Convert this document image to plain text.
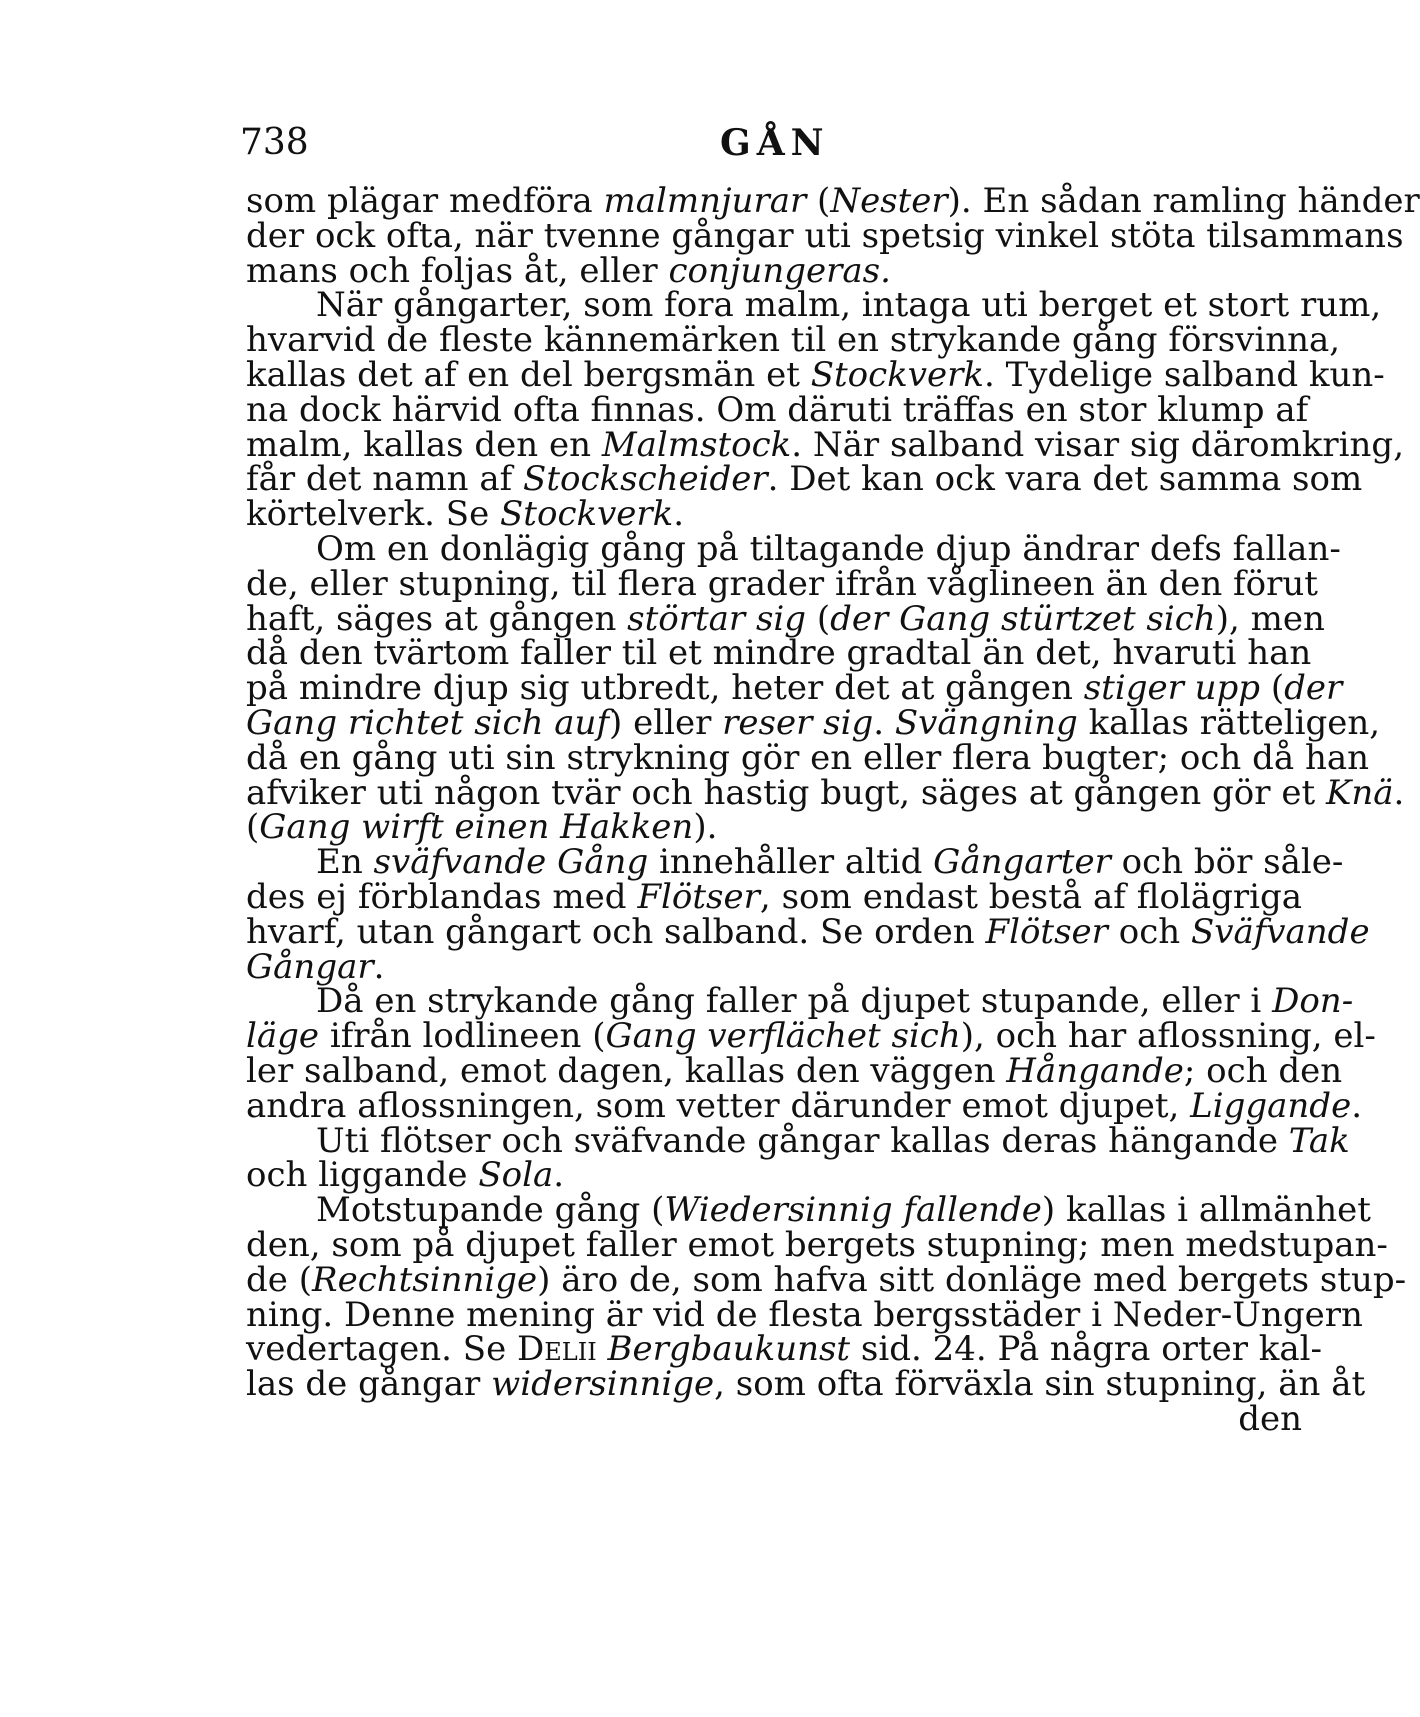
738	GÅN
som plägar medföra malmnjurar (Nester). En sådan ramling händer
der ock ofta, när tvenne gångar uti spetsig vinkel stöta tilsammans
mans och foljas åt, eller conjungeras.
När gångarter, som fora malm, intaga uti berget et stort rum,
hvarvid de fleste kännemärken til en strykande gång försvinna,
kallas det af en del bergsmän et Stockverk. Tydelige salband kun-
na dock härvid ofta finnas. Om däruti träffas en stor klump af
malm, kallas den en Malmstock. När salband visar sig däromkring,
får det namn af Stockscheider. Det kan ock vara det samma som
körtelverk. Se Stockverk.
Om en donlägig gång på tiltagande djup ändrar defs fallan-
de, eller stupning, til flera grader ifrån våglineen än den förut
haft, säges at gången störtar sig (der Gang stürtzet sich), men
då den tvärtom faller til et mindre gradtal än det, hvaruti han
på mindre djup sig utbredt, heter det at gången stiger upp (der
Gang richtet sich auf) eller reser sig. Svängning kallas rätteligen,
då en gång uti sin strykning gör en eller flera bugter; och då han
afviker uti någon tvär och hastig bugt, säges at gången gör et Knä.
(Gang wirft einen Hakken).
En sväfvande Gång innehåller altid Gångarter och bör såle-
des ej förblandas med Flötser, som endast bestå af flolägriga
hvarf, utan gångart och salband. Se orden Flötser och Sväfvande
Gångar.
Då en strykande gång faller på djupet stupande, eller i Don-
läge ifrån lodlineen (Gang verflächet sich), och har aflossning, el-
ler salband, emot dagen, kallas den väggen Hångande; och den
andra aflossningen, som vetter därunder emot djupet, Liggande.
Uti flötser och sväfvande gångar kallas deras hängande Tak
och liggande Sola.
Motstupande gång (Wiedersinnig fallende) kallas i allmänhet
den, som på djupet faller emot bergets stupning; men medstupan-
de (Rechtsinnige) äro de, som hafva sitt donläge med bergets stup-
ning. Denne mening är vid de flesta bergsstäder i Neder-Ungern
vedertagen. Se Delii Bergbaukunst sid. 24. På några orter kal-
las de gångar widersinnige, som ofta förväxla sin stupning, än åt
den
